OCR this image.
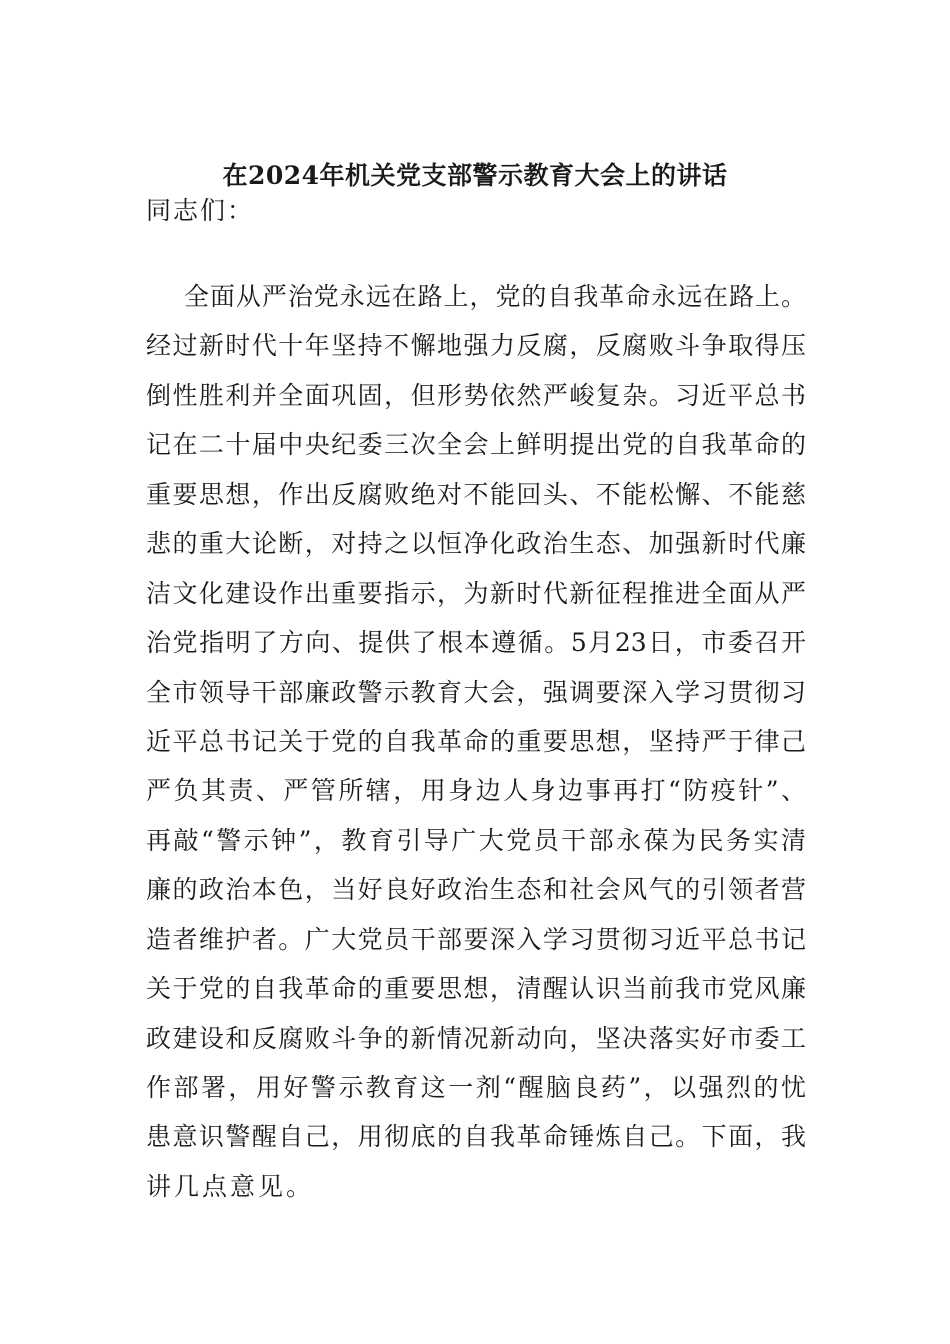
在2024年机关党支部警示教育大会上的讲话
同志们：
全面从严治党永远在路上，党的自我革命永远在路上。
经过新时代十年坚持不懈地强力反腐，反腐败斗争取得压
倒性胜利并全面巩固，但形势依然严峻复杂。习近平总书
记在二十届中央纪委三次全会上鲜明提出党的自我革命的
重要思想，作出反腐败绝对不能回头、不能松懈、不能慈
悲的重大论断，对持之以恒净化政治生态、加强新时代廉
洁文化建设作出重要指示，为新时代新征程推进全面从严
治党指明了方向、提供了根本遵循。5月23日，市委召开
全市领导干部廉政警示教育大会，强调要深入学习贯彻习
近平总书记关于党的自我革命的重要思想，坚持严于律己
严负其责、严管所辖，用身边人身边事再打“防疫针”、
再敲“警示钟”，教育引导广大党员干部永葆为民务实清
廉的政治本色，当好良好政治生态和社会风气的引领者营
造者维护者。广大党员干部要深入学习贯彻习近平总书记
关于党的自我革命的重要思想，清醒认识当前我市党风廉
政建设和反腐败斗争的新情况新动向，坚决落实好市委工
作部署，用好警示教育这一剂“醒脑良药”，以强烈的忧
患意识警醒自己，用彻底的自我革命锤炼自己。下面，我
讲几点意见。
